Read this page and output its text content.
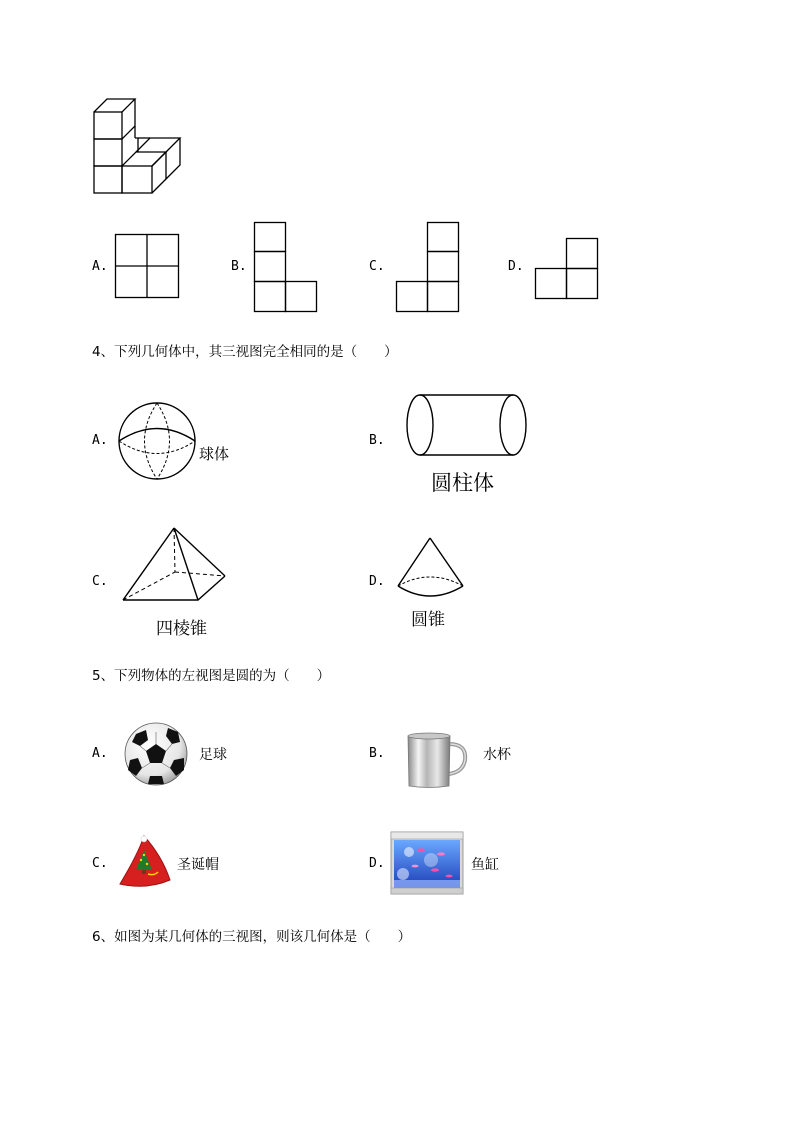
A.	B.	C.	D.
4、下列几何体中，其三视图完全相同的是（　　）
A.	B.
C.	D.
球体
圆柱体
四棱锥	圆锥
5、下列物体的左视图是圆的为（　　）
A.	B.
C.	D.
足球	水杯
圣诞帽	鱼缸
6、如图为某几何体的三视图，则该几何体是（　　）
